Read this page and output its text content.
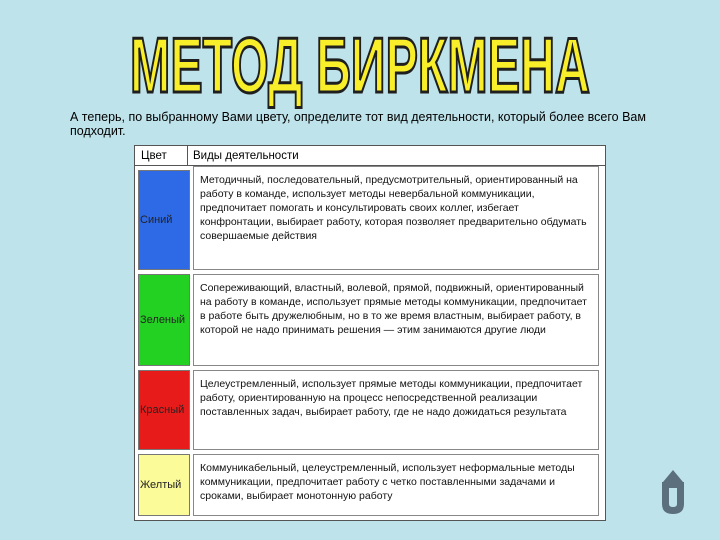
МЕТОД БИРКМЕНА
А теперь, по выбранному Вами цвету, определите тот вид деятельности, который более всего Вам подходит.
Цвет Виды деятельности
Синий
Методичный, последовательный, предусмотрительный, ориентированный на работу в команде, использует методы невербальной коммуникации, предпочитает помогать и консультировать своих коллег, избегает конфронтации, выбирает работу, которая позволяет предварительно обдумать совершаемые действия
Зеленый
Сопереживающий, властный, волевой, прямой, подвижный, ориентированный на работу в команде, использует прямые методы коммуникации, предпочитает в работе быть дружелюбным, но в то же время властным, выбирает работу, в которой не надо принимать решения — этим занимаются другие люди
Красный
Целеустремленный, использует прямые методы коммуникации, предпочитает работу, ориентированную на процесс непосредственной реализации поставленных задач, выбирает работу, где не надо дожидаться результата
Желтый
Коммуникабельный, целеустремленный, использует неформальные методы коммуникации, предпочитает работу с четко поставленными задачами и сроками, выбирает монотонную работу
